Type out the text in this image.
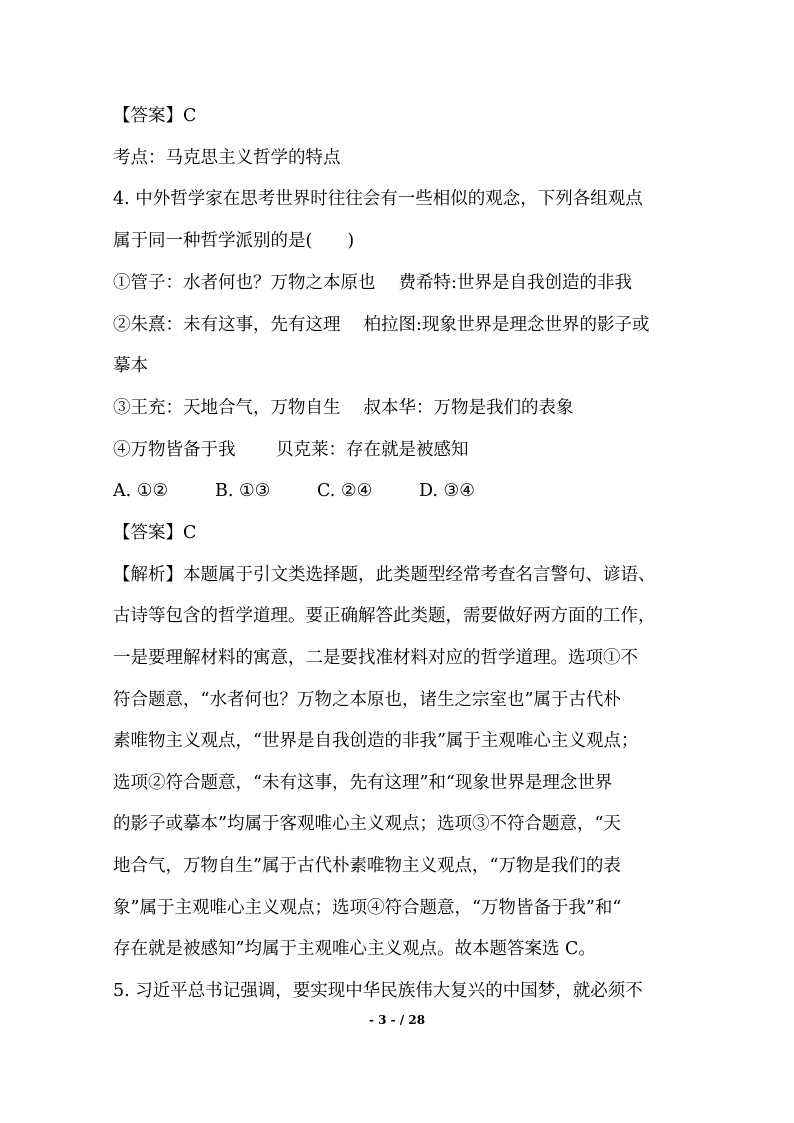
【答案】C
考点：马克思主义哲学的特点
4. 中外哲学家在思考世界时往往会有一些相似的观念，下列各组观点
属于同一种哲学派别的是(　　)
①管子：水者何也？万物之本原也　 费希特:世界是自我创造的非我
②朱熹：未有这事，先有这理　 柏拉图:现象世界是理念世界的影子或
摹本
③王充：天地合气，万物自生　 叔本华：万物是我们的表象
④万物皆备于我　　 贝克莱：存在就是被感知
A. ①②	B. ①③	C. ②④	D. ③④
【答案】C
【解析】本题属于引文类选择题，此类题型经常考查名言警句、谚语、
古诗等包含的哲学道理。要正确解答此类题，需要做好两方面的工作，
一是要理解材料的寓意，二是要找准材料对应的哲学道理。选项①不
符合题意，“水者何也？万物之本原也，诸生之宗室也”属于古代朴
素唯物主义观点，“世界是自我创造的非我”属于主观唯心主义观点；
选项②符合题意，“未有这事，先有这理”和“现象世界是理念世界
的影子或摹本”均属于客观唯心主义观点；选项③不符合题意，“天
地合气，万物自生”属于古代朴素唯物主义观点，“万物是我们的表
象”属于主观唯心主义观点；选项④符合题意，“万物皆备于我”和“
存在就是被感知”均属于主观唯心主义观点。故本题答案选 C。
5. 习近平总书记强调，要实现中华民族伟大复兴的中国梦，就必须不
- 3 - / 28
